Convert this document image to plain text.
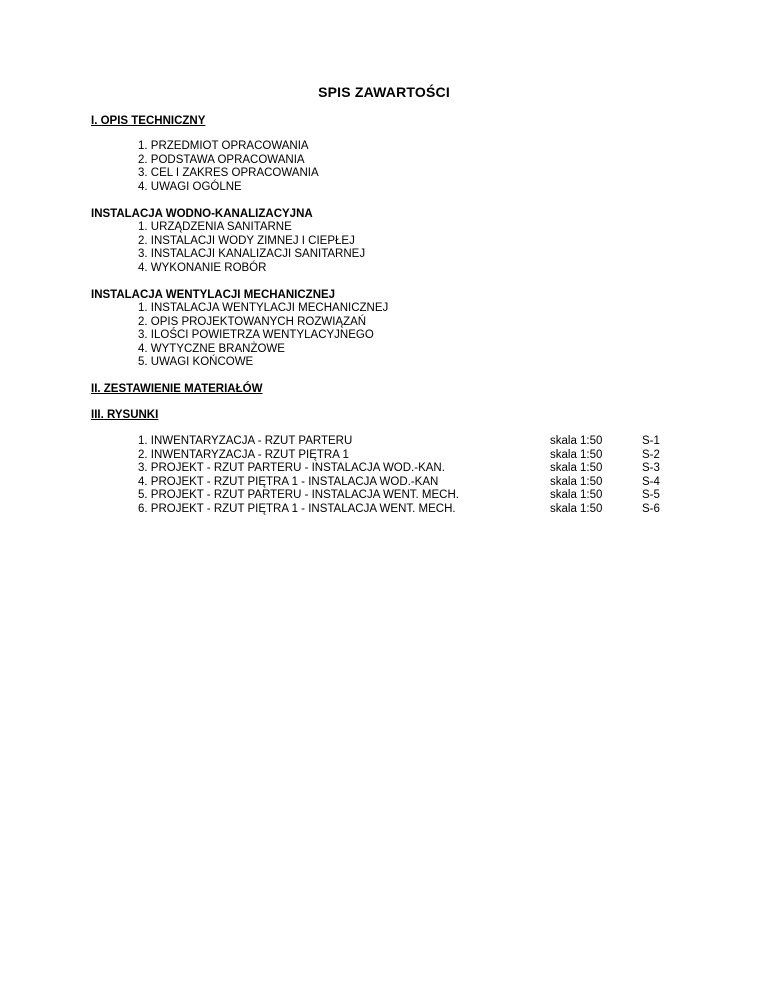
SPIS ZAWARTOŚCI
I. OPIS TECHNICZNY
1. PRZEDMIOT OPRACOWANIA
2. PODSTAWA OPRACOWANIA
3. CEL I ZAKRES OPRACOWANIA
4. UWAGI OGÓLNE
INSTALACJA WODNO-KANALIZACYJNA
1. URZĄDZENIA SANITARNE
2. INSTALACJI WODY ZIMNEJ I CIEPŁEJ
3. INSTALACJI KANALIZACJI SANITARNEJ
4. WYKONANIE ROBÓR
INSTALACJA WENTYLACJI MECHANICZNEJ
1. INSTALACJA WENTYLACJI MECHANICZNEJ
2. OPIS PROJEKTOWANYCH ROZWIĄZAŃ
3. ILOŚCI POWIETRZA WENTYLACYJNEGO
4. WYTYCZNE BRANŻOWE
5. UWAGI KOŃCOWE
II. ZESTAWIENIE MATERIAŁÓW
III. RYSUNKI
1. INWENTARYZACJA - RZUT PARTERU	skala 1:50	S-1
2. INWENTARYZACJA - RZUT PIĘTRA 1	skala 1:50	S-2
3. PROJEKT - RZUT PARTERU - INSTALACJA WOD.-KAN.	skala 1:50	S-3
4. PROJEKT - RZUT PIĘTRA 1 - INSTALACJA WOD.-KAN	skala 1:50	S-4
5. PROJEKT - RZUT PARTERU - INSTALACJA WENT. MECH.	skala 1:50	S-5
6. PROJEKT - RZUT PIĘTRA 1 - INSTALACJA WENT. MECH.	skala 1:50	S-6
